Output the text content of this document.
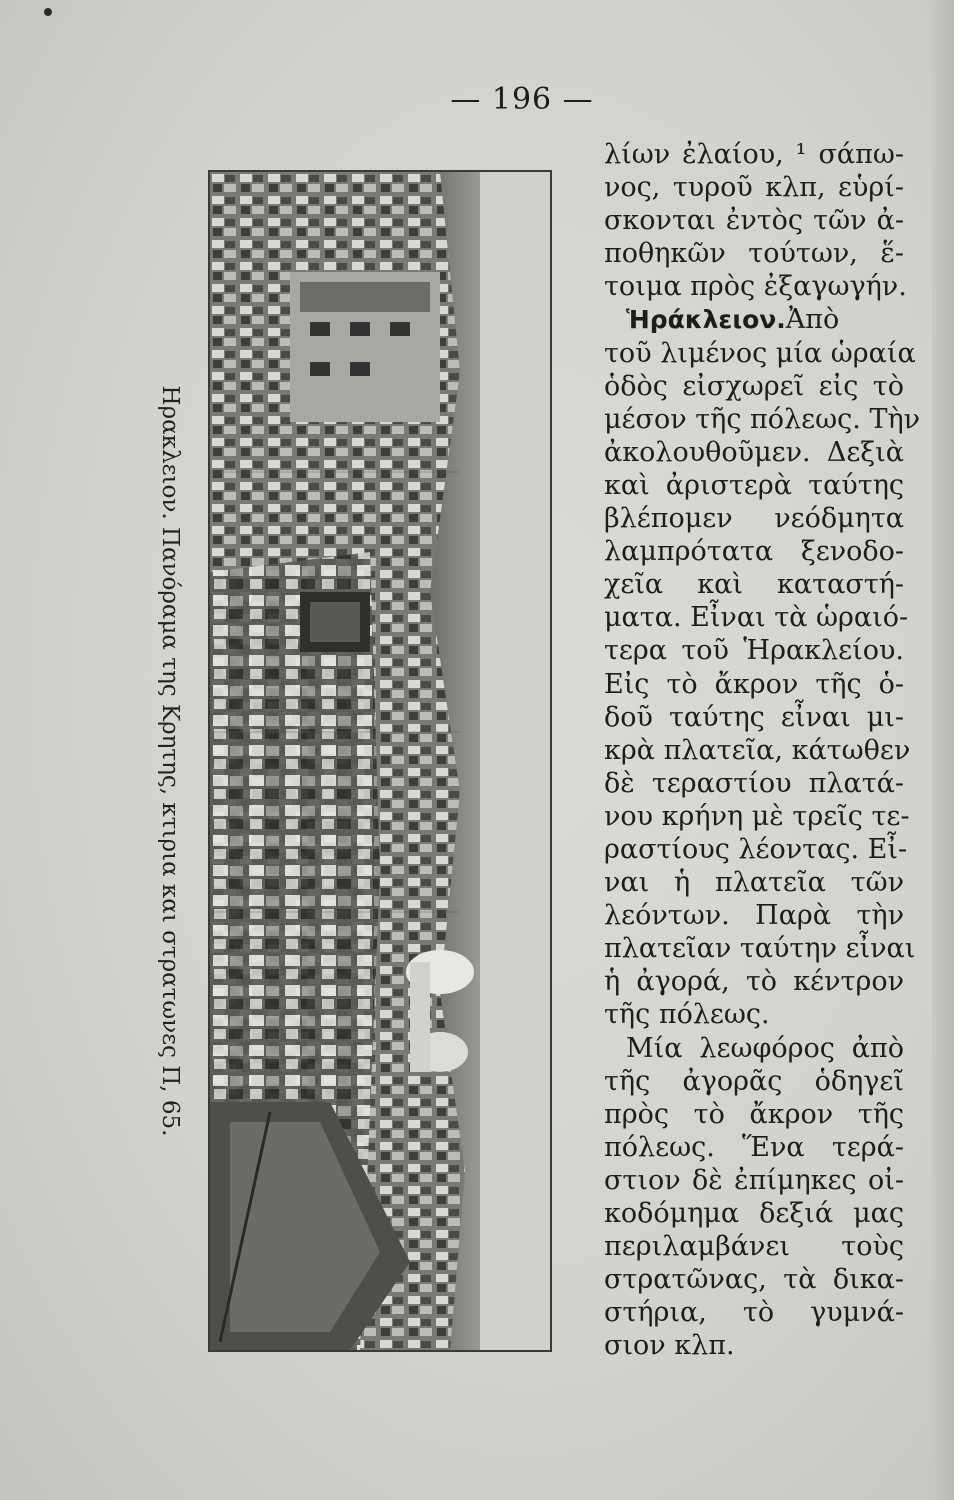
— 196 —
Ηρακλειον. Πανόραμα της Κρητης, κτιρια και στρατωνες Π, 65.

λίων ἐλαίου, ¹ σάπω-
νος, τυροῦ κλπ, εὑρί-
σκονται ἐντὸς τῶν ἀ-
ποθηκῶν τούτων, ἕ-
τοιμα πρὸς ἐξαγωγήν.

Ἡράκλειον.Ἀπὸ
τοῦ λιμένος μία ὡραία
ὁδὸς εἰσχωρεῖ εἰς τὸ
μέσον τῆς πόλεως. Τὴν
ἀκολουθοῦμεν. Δεξιὰ
καὶ ἀριστερὰ ταύτης
βλέπομεν νεόδμητα
λαμπρότατα ξενοδο-
χεῖα καὶ καταστή-
ματα. Εἶναι τὰ ὡραιό-
τερα τοῦ Ἡρακλείου.
Εἰς τὸ ἄκρον τῆς ὁ-
δοῦ ταύτης εἶναι μι-
κρὰ πλατεῖα, κάτωθεν
δὲ τεραστίου πλατά-
νου κρήνη μὲ τρεῖς τε-
ραστίους λέοντας. Εἶ-
ναι ἡ πλατεῖα τῶν
λεόντων. Παρὰ τὴν
πλατεῖαν ταύτην εἶναι
ἡ ἀγορά, τὸ κέντρον
τῆς πόλεως.

Μία λεωφόρος ἀπὸ
τῆς ἀγορᾶς ὁδηγεῖ
πρὸς τὸ ἄκρον τῆς
πόλεως. Ἕνα τερά-
στιον δὲ ἐπίμηκες οἰ-
κοδόμημα δεξιά μας
περιλαμβάνει τοὺς
στρατῶνας, τὰ δικα-
στήρια, τὸ γυμνά-
σιον κλπ.
